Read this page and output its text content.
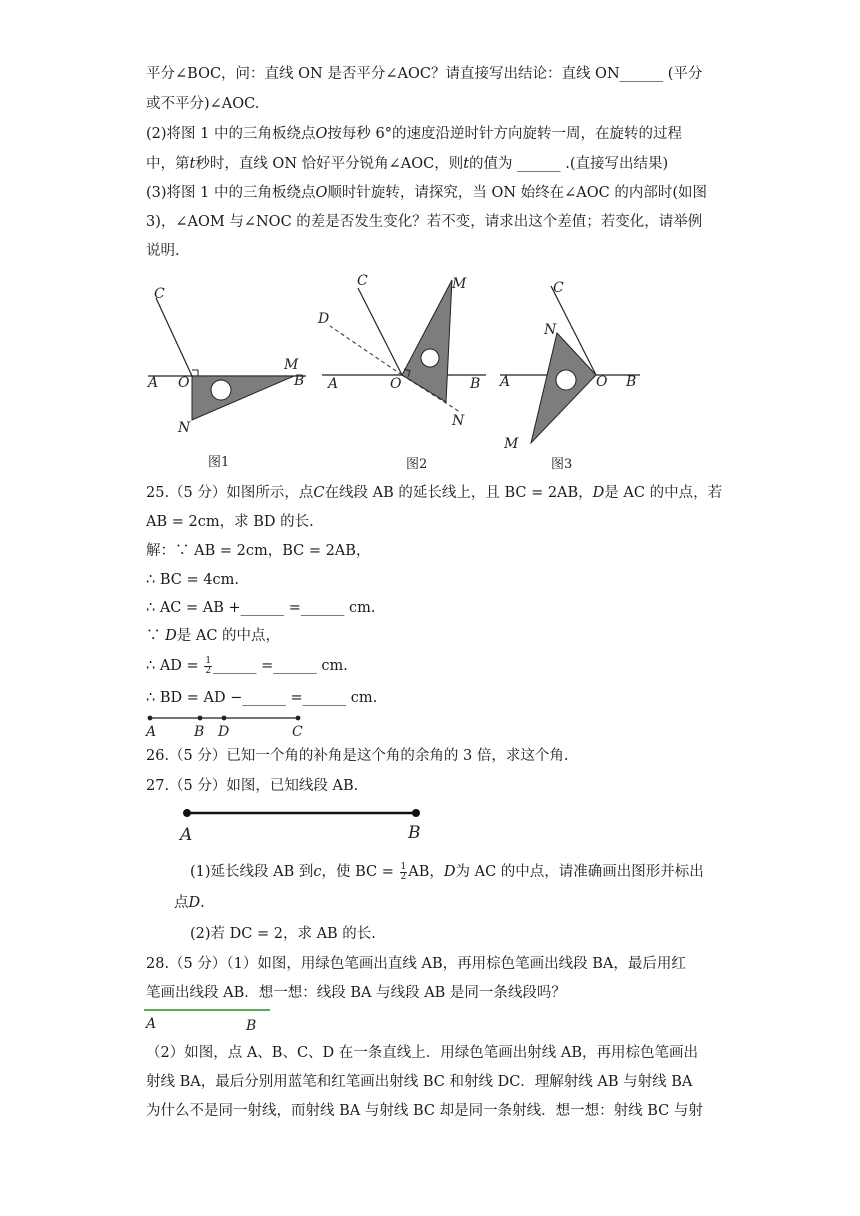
平分∠BOC，问：直线 ON 是否平分∠AOC？请直接写出结论：直线 ON______ (平分
或不平分)∠AOC.
(2)将图 1 中的三角板绕点𝑂按每秒 6°的速度沿逆时针方向旋转一周，在旋转的过程
中，第𝑡秒时，直线 ON 恰好平分锐角∠AOC，则𝑡的值为 ______ .(直接写出结果)
(3)将图 1 中的三角板绕点𝑂顺时针旋转，请探究，当 ON 始终在∠AOC 的内部时(如图
3)，∠AOM 与∠NOC 的差是否发生变化？若不变，请求出这个差值；若变化，请举例
说明.
C
A O
M
B
N
图1
C	M
D
A	O	B
N
图2
C
N
A	O B
M
图3
A	B D	C
A	B
A	B
25.（5 分）如图所示，点𝐶在线段 AB 的延长线上，且 BC = 2AB，𝐷是 AC 的中点，若
AB = 2cm，求 BD 的长.
解：∵ AB = 2cm，BC = 2AB，
∴ BC = 4cm.
∴ AC = AB +______ =______ cm.
∵ 𝐷是 AC 的中点，
∴ AD = $\frac{1}{2}$ ______ =______ cm.
∴ BD = AD −______ =______ cm.
26.（5 分）已知一个角的补角是这个角的余角的 3 倍，求这个角.
27.（5 分）如图，已知线段 AB.
(1)延长线段 AB 到𝑐，使 BC = $\frac{1}{2}$ AB，𝐷为 AC 的中点，请准确画出图形并标出
点𝐷.
(2)若 DC = 2，求 AB 的长.
28.（5 分）（1）如图，用绿色笔画出直线 AB，再用棕色笔画出线段 BA，最后用红
笔画出线段 AB．想一想：线段 BA 与线段 AB 是同一条线段吗？
（2）如图，点 A、B、C、D 在一条直线上．用绿色笔画出射线 AB，再用棕色笔画出
射线 BA，最后分别用蓝笔和红笔画出射线 BC 和射线 DC．理解射线 AB 与射线 BA
为什么不是同一射线，而射线 BA 与射线 BC 却是同一条射线．想一想：射线 BC 与射
